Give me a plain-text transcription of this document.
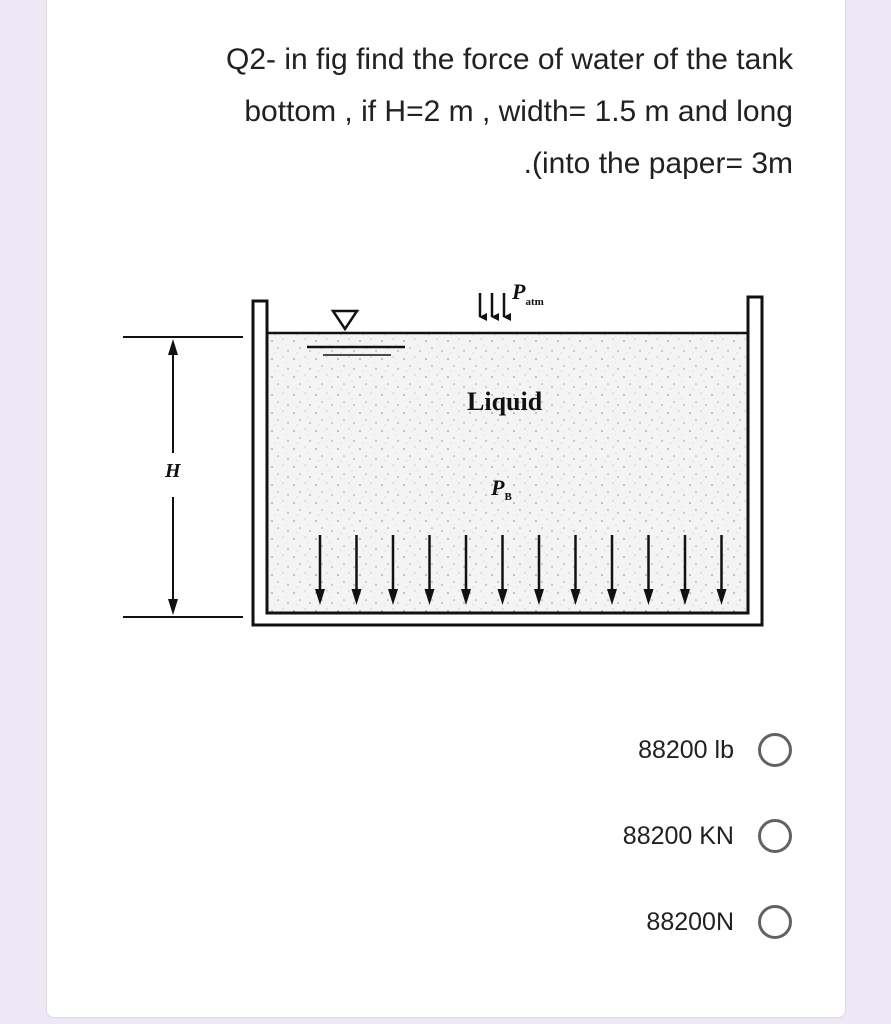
Q2- in fig find the force of water of the tank
bottom , if H=2 m , width= 1.5 m and long
.(into the paper= 3m
$P_{atm}$
Liquid
$P_B$
H
88200 lb
88200 KN
88200N
